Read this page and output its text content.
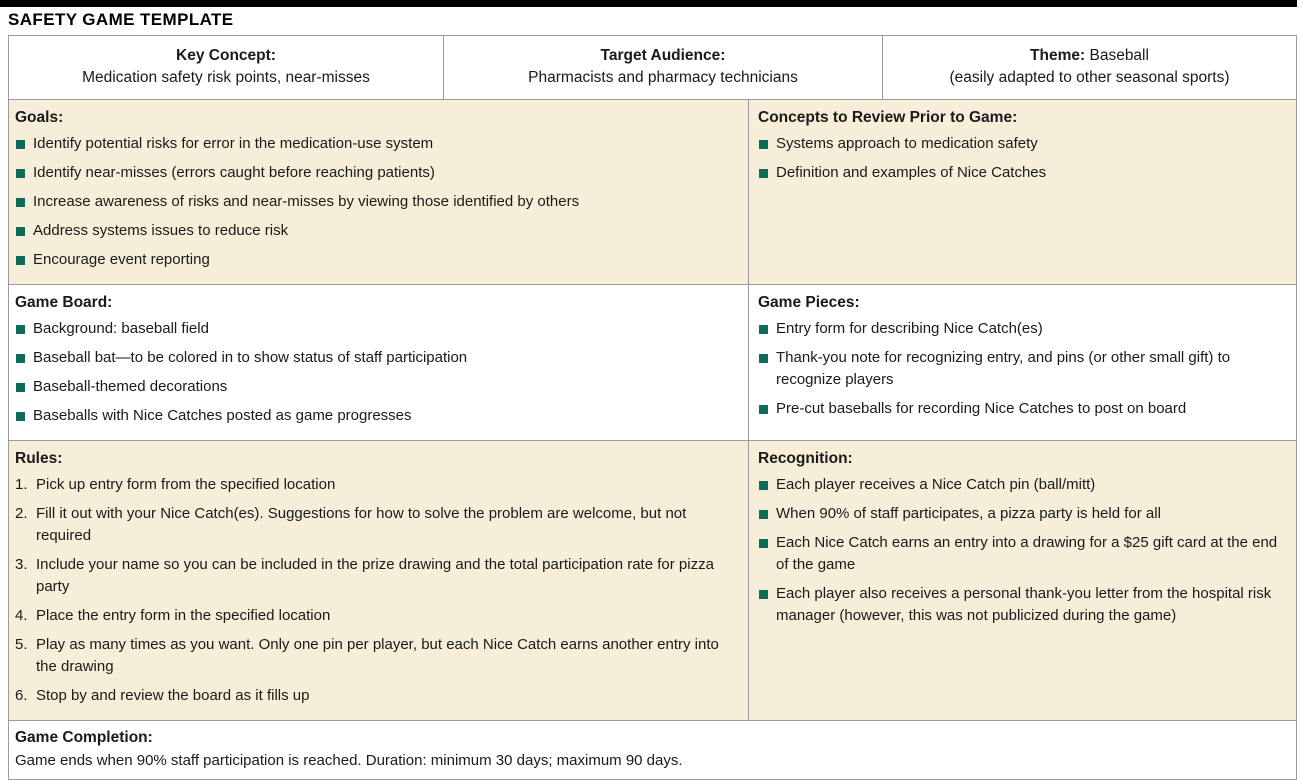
SAFETY GAME TEMPLATE
Key Concept:
Medication safety risk points, near-misses
Target Audience:
Pharmacists and pharmacy technicians
Theme: Baseball
(easily adapted to other seasonal sports)
Goals:
Identify potential risks for error in the medication-use system
Identify near-misses (errors caught before reaching patients)
Increase awareness of risks and near-misses by viewing those identified by others
Address systems issues to reduce risk
Encourage event reporting
Concepts to Review Prior to Game:
Systems approach to medication safety
Definition and examples of Nice Catches
Game Board:
Background: baseball field
Baseball bat—to be colored in to show status of staff participation
Baseball-themed decorations
Baseballs with Nice Catches posted as game progresses
Game Pieces:
Entry form for describing Nice Catch(es)
Thank-you note for recognizing entry, and pins (or other small gift) to recognize players
Pre-cut baseballs for recording Nice Catches to post on board
Rules:
1. Pick up entry form from the specified location
2. Fill it out with your Nice Catch(es). Suggestions for how to solve the problem are welcome, but not required
3. Include your name so you can be included in the prize drawing and the total participation rate for pizza party
4. Place the entry form in the specified location
5. Play as many times as you want. Only one pin per player, but each Nice Catch earns another entry into the drawing
6. Stop by and review the board as it fills up
Recognition:
Each player receives a Nice Catch pin (ball/mitt)
When 90% of staff participates, a pizza party is held for all
Each Nice Catch earns an entry into a drawing for a $25 gift card at the end of the game
Each player also receives a personal thank-you letter from the hospital risk manager (however, this was not publicized during the game)
Game Completion:
Game ends when 90% staff participation is reached. Duration: minimum 30 days; maximum 90 days.
